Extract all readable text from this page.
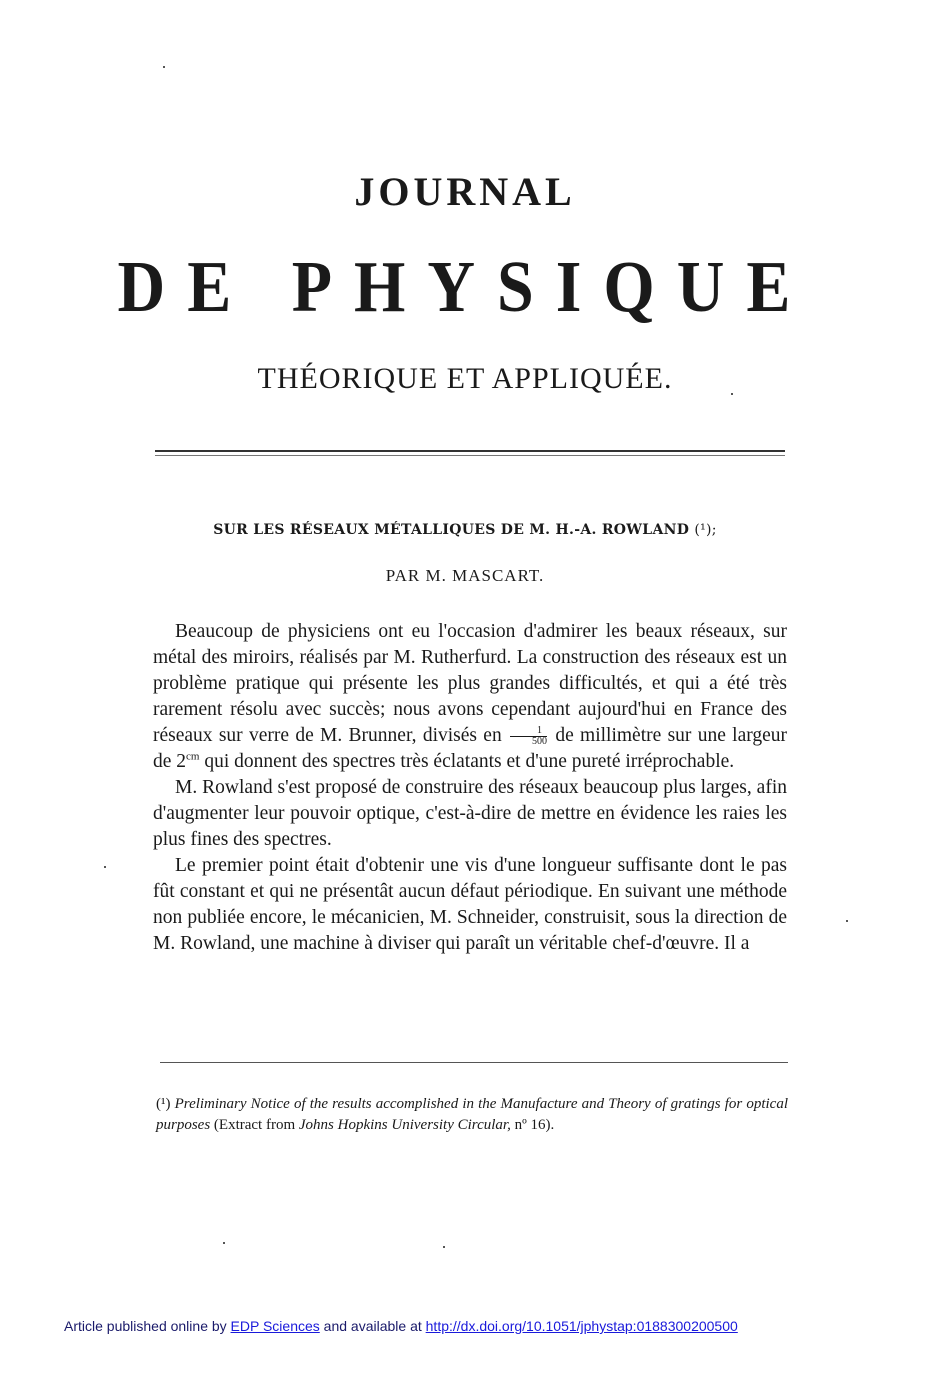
JOURNAL
DE PHYSIQUE
THÉORIQUE ET APPLIQUÉE.
SUR LES RÉSEAUX MÉTALLIQUES DE M. H.-A. ROWLAND (¹);
PAR M. MASCART.

Beaucoup de physiciens ont eu l'occasion d'admirer les beaux réseaux, sur métal des miroirs, réalisés par M. Rutherfurd. La construction des réseaux est un problème pratique qui présente les plus grandes difficultés, et qui a été très rarement résolu avec succès; nous avons cependant aujourd'hui en France des réseaux sur verre de M. Brunner, divisés en $\frac{1}{500}$ de millimètre sur une largeur de $2^{cm}$ qui donnent des spectres très éclatants et d'une pureté irréprochable.

M. Rowland s'est proposé de construire des réseaux beaucoup plus larges, afin d'augmenter leur pouvoir optique, c'est-à-dire de mettre en évidence les raies les plus fines des spectres.

Le premier point était d'obtenir une vis d'une longueur suffisante dont le pas fût constant et qui ne présentât aucun défaut périodique. En suivant une méthode non publiée encore, le mécanicien, M. Schneider, construisit, sous la direction de M. Rowland, une machine à diviser qui paraît un véritable chef-d'œuvre. Il a

(¹) Preliminary Notice of the results accomplished in the Manufacture and Theory of gratings for optical purposes (Extract from Johns Hopkins University Circular, nº 16).
Article published online by EDP Sciences and available at http://dx.doi.org/10.1051/jphystap:0188300200500
